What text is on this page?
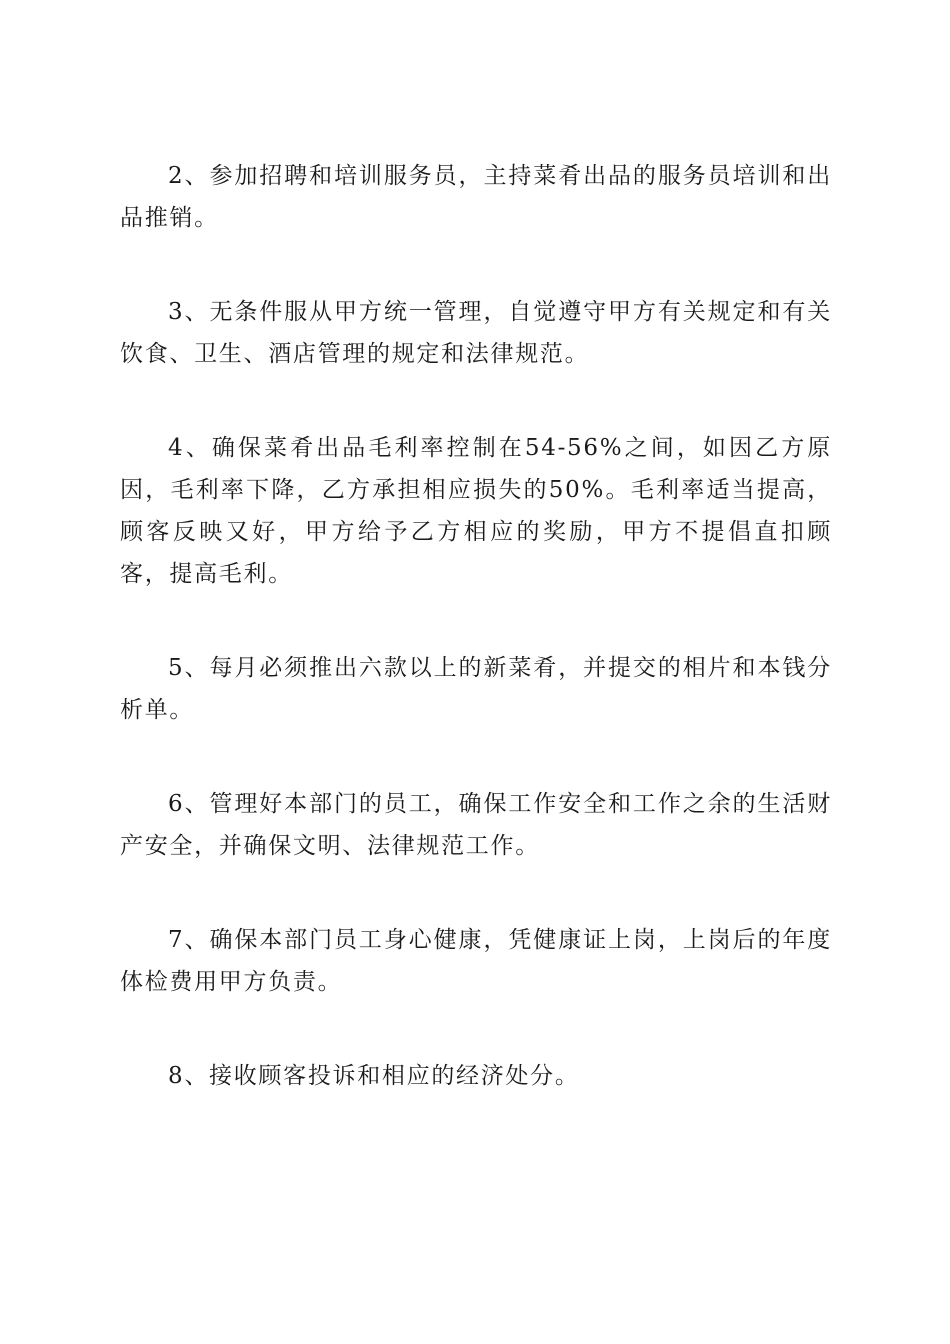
2、参加招聘和培训服务员，主持菜肴出品的服务员培训和出品推销。

3、无条件服从甲方统一管理，自觉遵守甲方有关规定和有关饮食、卫生、酒店管理的规定和法律规范。

4、确保菜肴出品毛利率控制在54-56%之间，如因乙方原因，毛利率下降，乙方承担相应损失的50%。毛利率适当提高，顾客反映又好，甲方给予乙方相应的奖励，甲方不提倡直扣顾客，提高毛利。

5、每月必须推出六款以上的新菜肴，并提交的相片和本钱分析单。

6、管理好本部门的员工，确保工作安全和工作之余的生活财产安全，并确保文明、法律规范工作。

7、确保本部门员工身心健康，凭健康证上岗，上岗后的年度体检费用甲方负责。

8、接收顾客投诉和相应的经济处分。
